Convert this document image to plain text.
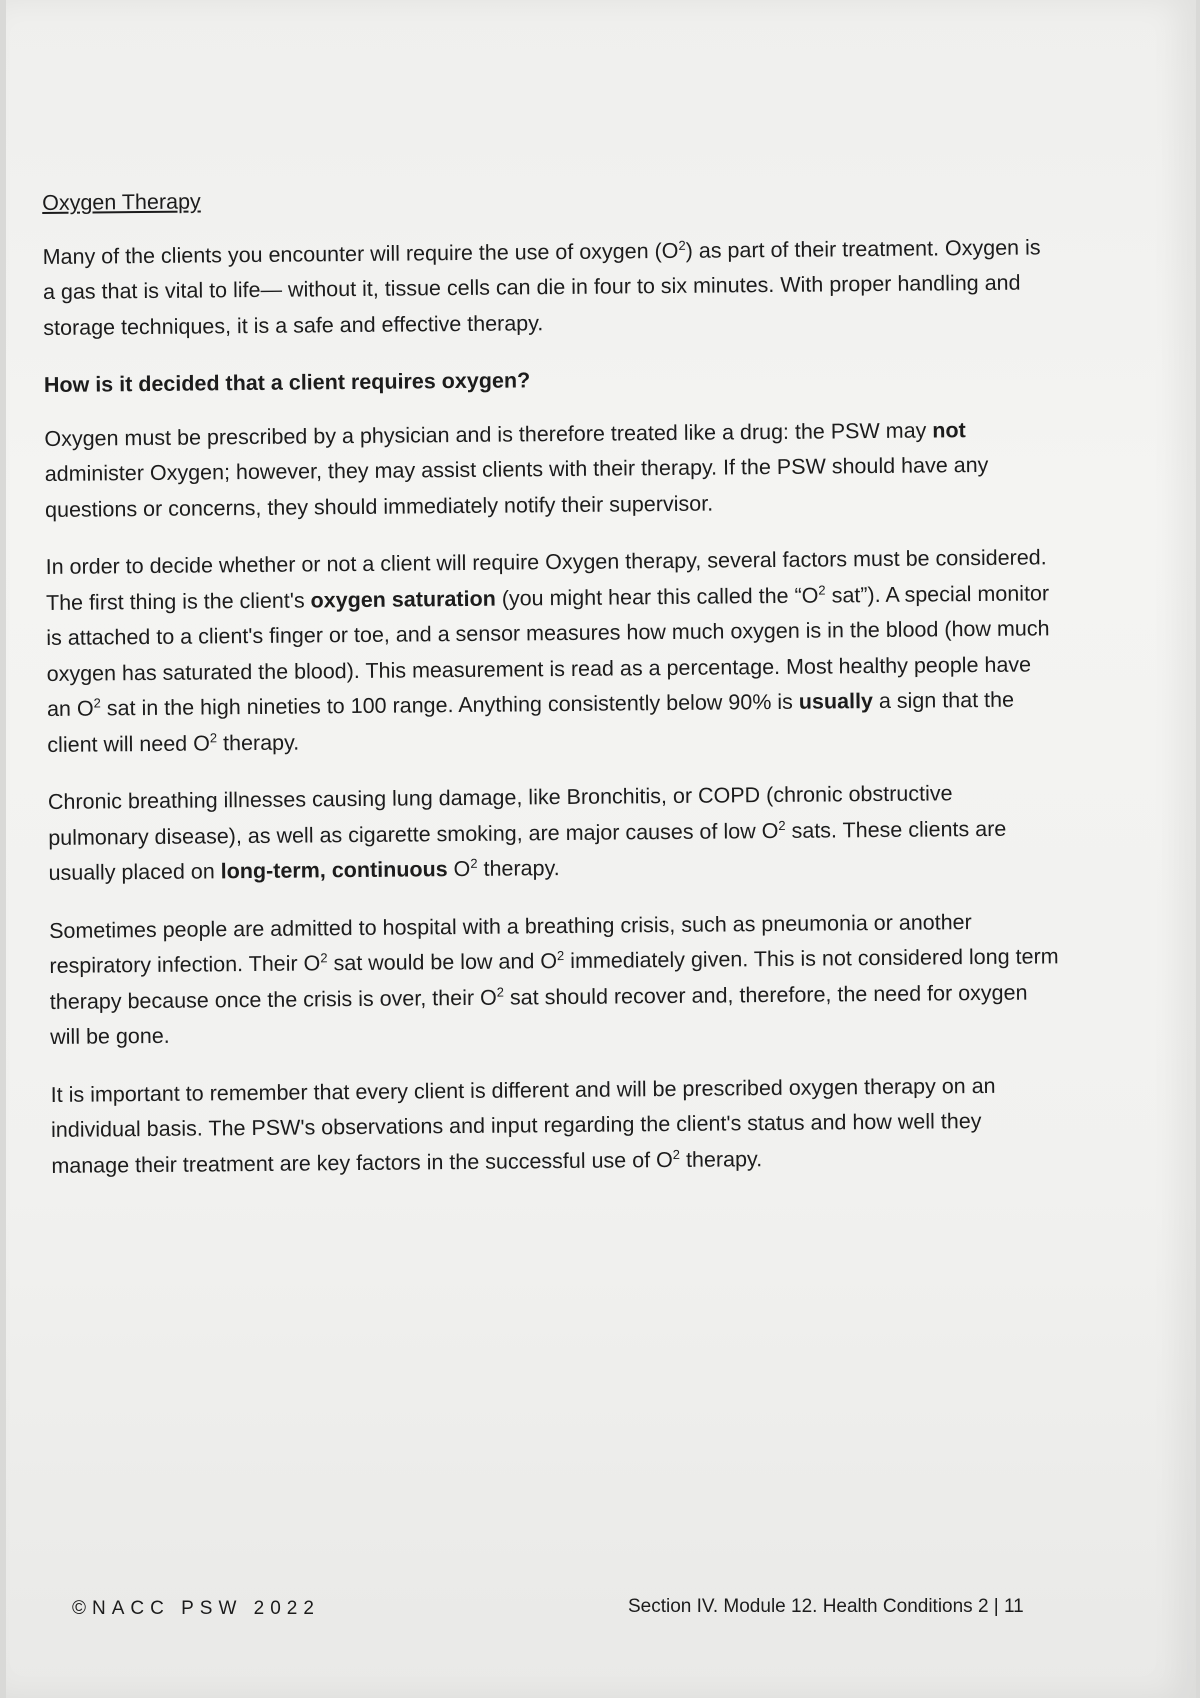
Oxygen Therapy

Many of the clients you encounter will require the use of oxygen $(O^2)$ as part of their treatment. Oxygen is a gas that is vital to life— without it, tissue cells can die in four to six minutes. With proper handling and storage techniques, it is a safe and effective therapy.

How is it decided that a client requires oxygen?

Oxygen must be prescribed by a physician and is therefore treated like a drug: the PSW may not administer Oxygen; however, they may assist clients with their therapy. If the PSW should have any questions or concerns, they should immediately notify their supervisor.

In order to decide whether or not a client will require Oxygen therapy, several factors must be considered. The first thing is the client's oxygen saturation (you might hear this called the “$O^2$ sat”). A special monitor is attached to a client's finger or toe, and a sensor measures how much oxygen is in the blood (how much oxygen has saturated the blood). This measurement is read as a percentage. Most healthy people have an $O^2$ sat in the high nineties to 100 range. Anything consistently below 90% is usually a sign that the client will need $O^2$ therapy.

Chronic breathing illnesses causing lung damage, like Bronchitis, or COPD (chronic obstructive pulmonary disease), as well as cigarette smoking, are major causes of low $O^2$ sats. These clients are usually placed on long-term, continuous $O^2$ therapy.

Sometimes people are admitted to hospital with a breathing crisis, such as pneumonia or another respiratory infection. Their $O^2$ sat would be low and $O^2$ immediately given. This is not considered long term therapy because once the crisis is over, their $O^2$ sat should recover and, therefore, the need for oxygen will be gone.

It is important to remember that every client is different and will be prescribed oxygen therapy on an individual basis. The PSW's observations and input regarding the client's status and how well they manage their treatment are key factors in the successful use of $O^2$ therapy.

©NACC PSW 2022	Section IV. Module 12. Health Conditions 2 | 11
